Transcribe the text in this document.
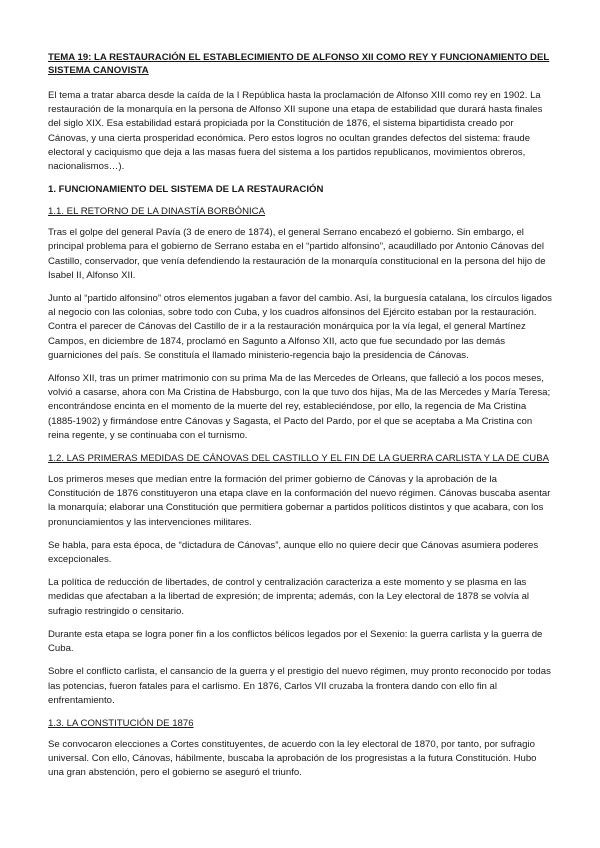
TEMA 19: LA RESTAURACIÓN EL ESTABLECIMIENTO DE ALFONSO XII COMO REY Y FUNCIONAMIENTO DEL SISTEMA CANOVISTA

El tema a tratar abarca desde la caída de la I República hasta la proclamación de Alfonso XIII como rey en 1902. La restauración de la monarquía en la persona de Alfonso XII supone una etapa de estabilidad que durará hasta finales del siglo XIX. Esa estabilidad estará propiciada por la Constitución de 1876, el sistema bipartidista creado por Cánovas, y una cierta prosperidad económica. Pero estos logros no ocultan grandes defectos del sistema: fraude electoral y caciquismo que deja a las masas fuera del sistema a los partidos republicanos, movimientos obreros, nacionalismos…).

1. FUNCIONAMIENTO DEL SISTEMA DE LA RESTAURACIÓN
1.1. EL RETORNO DE LA DINASTÍA BORBÓNICA

Tras el golpe del general Pavía (3 de enero de 1874), el general Serrano encabezó el gobierno. Sin embargo, el principal problema para el gobierno de Serrano estaba en el “partido alfonsino”, acaudillado por Antonio Cánovas del Castillo, conservador, que venía defendiendo la restauración de la monarquía constitucional en la persona del hijo de Isabel II, Alfonso XII.

Junto al “partido alfonsino” otros elementos jugaban a favor del cambio. Así, la burguesía catalana, los círculos ligados al negocio con las colonias, sobre todo con Cuba, y los cuadros alfonsinos del Ejército estaban por la restauración. Contra el parecer de Cánovas del Castillo de ir a la restauración monárquica por la vía legal, el general Martínez Campos, en diciembre de 1874, proclamó en Sagunto a Alfonso XII, acto que fue secundado por las demás guarniciones del país. Se constituía el llamado ministerio-regencia bajo la presidencia de Cánovas.

Alfonso XII, tras un primer matrimonio con su prima Ma de las Mercedes de Orleans, que falleció a los pocos meses, volvió a casarse, ahora con Ma Cristina de Habsburgo, con la que tuvo dos hijas, Ma de las Mercedes y María Teresa; encontrándose encinta en el momento de la muerte del rey, estableciéndose, por ello, la regencia de Ma Cristina (1885-1902) y firmándose entre Cánovas y Sagasta, el Pacto del Pardo, por el que se aceptaba a Ma Cristina con reina regente, y se continuaba con el turnismo.

1.2. LAS PRIMERAS MEDIDAS DE CÁNOVAS DEL CASTILLO Y EL FIN DE LA GUERRA CARLISTA Y LA DE CUBA

Los primeros meses que median entre la formación del primer gobierno de Cánovas y la aprobación de la Constitución de 1876 constituyeron una etapa clave en la conformación del nuevo régimen. Cánovas buscaba asentar la monarquía; elaborar una Constitución que permitiera gobernar a partidos políticos distintos y que acabara, con los pronunciamientos y las intervenciones militares.

Se habla, para esta época, de “dictadura de Cánovas”, aunque ello no quiere decir que Cánovas asumiera poderes excepcionales.

La política de reducción de libertades, de control y centralización caracteriza a este momento y se plasma en las medidas que afectaban a la libertad de expresión; de imprenta; además, con la Ley electoral de 1878 se volvía al sufragio restringido o censitario.

Durante esta etapa se logra poner fin a los conflictos bélicos legados por el Sexenio: la guerra carlista y la guerra de Cuba.

Sobre el conflicto carlista, el cansancio de la guerra y el prestigio del nuevo régimen, muy pronto reconocido por todas las potencias, fueron fatales para el carlismo. En 1876, Carlos VII cruzaba la frontera dando con ello fin al enfrentamiento.

1.3. LA CONSTITUCIÓN DE 1876

Se convocaron elecciones a Cortes constituyentes, de acuerdo con la ley electoral de 1870, por tanto, por sufragio universal. Con ello, Cánovas, hábilmente, buscaba la aprobación de los progresistas a la futura Constitución. Hubo una gran abstención, pero el gobierno se aseguró el triunfo.
